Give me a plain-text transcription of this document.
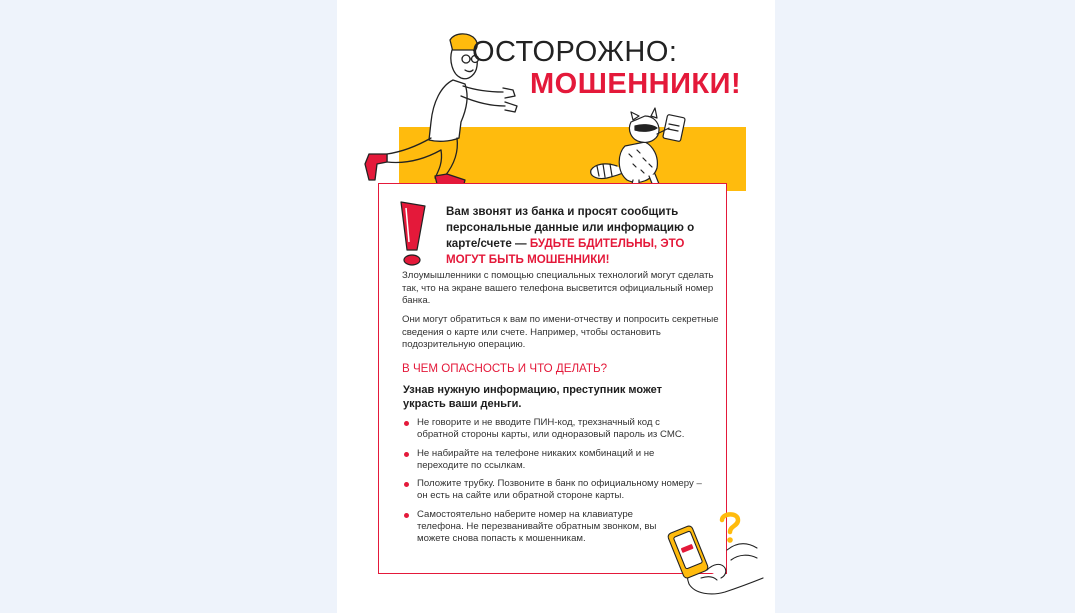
ОСТОРОЖНО:
МОШЕННИКИ!
Вам звонят из банка и просят сообщить персональные данные или информацию о карте/счете — БУДЬТЕ БДИТЕЛЬНЫ, ЭТО МОГУТ БЫТЬ МОШЕННИКИ!
Злоумышленники с помощью специальных технологий могут сделать так, что на экране вашего телефона высветится официальный номер банка.
Они могут обратиться к вам по имени-отчеству и попросить секретные сведения о карте или счете. Например, чтобы остановить подозрительную операцию.
В ЧЕМ ОПАСНОСТЬ И ЧТО ДЕЛАТЬ?
Узнав нужную информацию, преступник может украсть ваши деньги.
Не говорите и не вводите ПИН-код, трехзначный код с обратной стороны карты, или одноразовый пароль из СМС.
Не набирайте на телефоне никаких комбинаций и не переходите по ссылкам.
Положите трубку. Позвоните в банк по официальному номеру – он есть на сайте или обратной стороне карты.
Самостоятельно наберите номер на клавиатуре телефона. Не перезванивайте обратным звонком, вы можете снова попасть к мошенникам.
